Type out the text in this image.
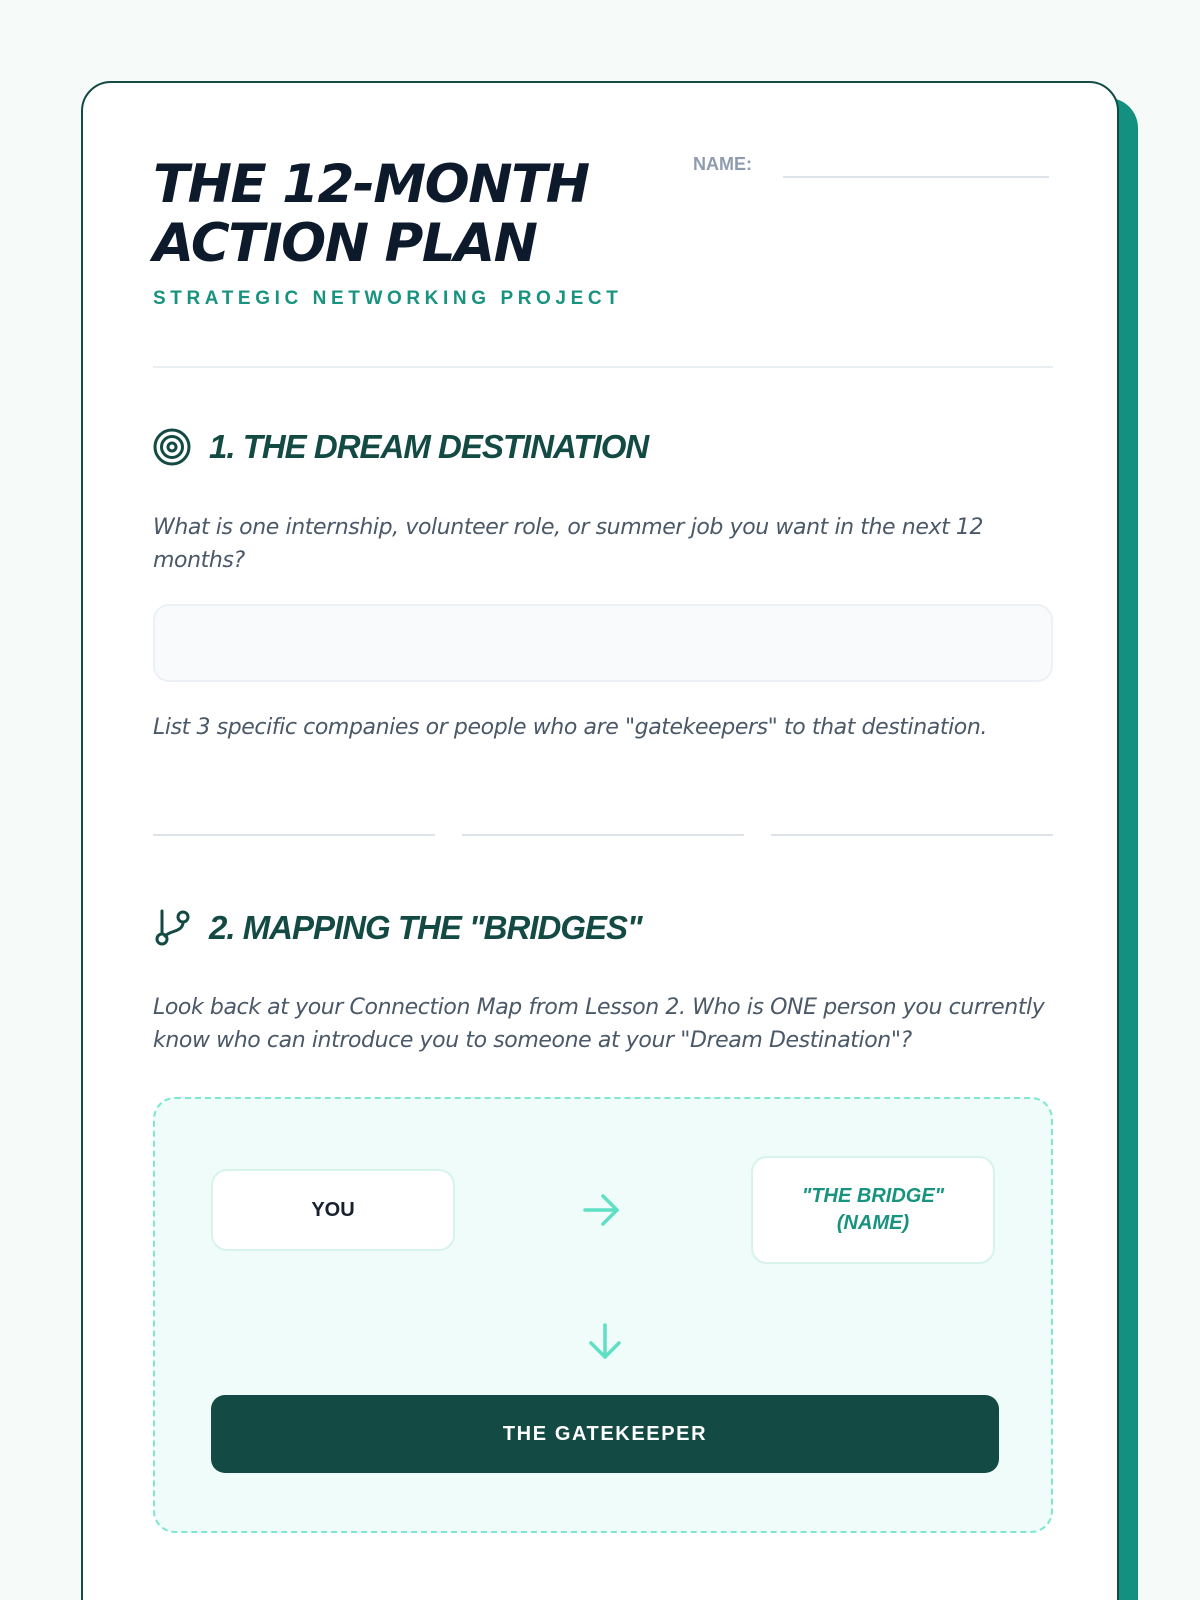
THE 12-MONTH
ACTION PLAN
STRATEGIC NETWORKING PROJECT
NAME:
1. THE DREAM DESTINATION
What is one internship, volunteer role, or summer job you want in the next 12 months?
List 3 specific companies or people who are "gatekeepers" to that destination.
2. MAPPING THE "BRIDGES"
Look back at your Connection Map from Lesson 2. Who is ONE person you currently know who can introduce you to someone at your "Dream Destination"?
YOU
"THE BRIDGE"
(NAME)
THE GATEKEEPER
